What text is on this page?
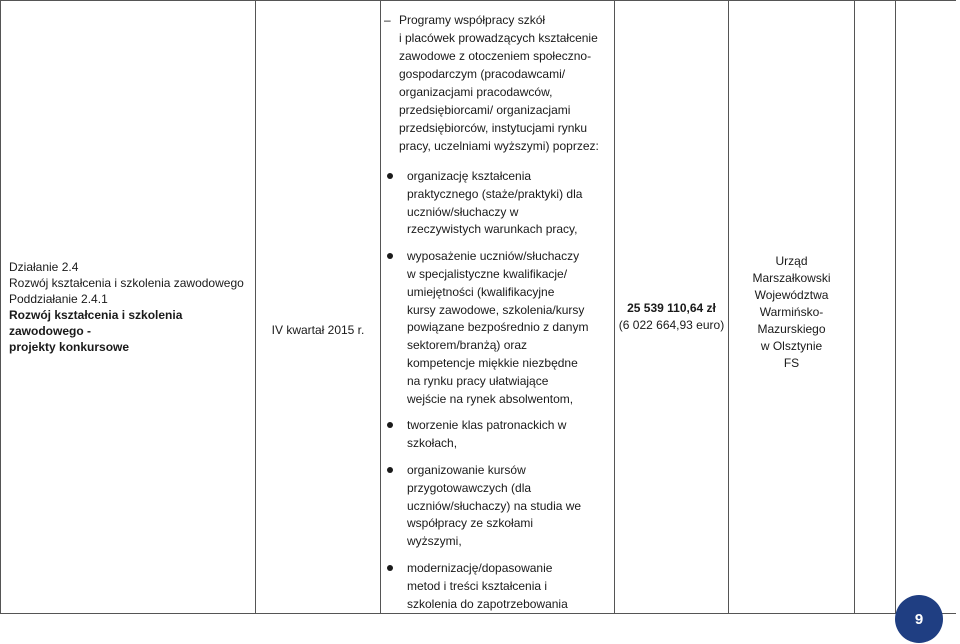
Działanie 2.4
Rozwój kształcenia i szkolenia zawodowego
Poddziałanie 2.4.1
Rozwój kształcenia i szkolenia zawodowego -
projekty konkursowe

IV kwartał 2015 r.

– Programy współpracy szkół
i placówek prowadzących kształcenie
zawodowe z otoczeniem społeczno-
gospodarczym (pracodawcami/
organizacjami pracodawców,
przedsiębiorcami/ organizacjami
przedsiębiorców, instytucjami rynku
pracy, uczelniami wyższymi) poprzez:
organizację kształcenia
praktycznego (staże/praktyki) dla
uczniów/słuchaczy w
rzeczywistych warunkach pracy,
wyposażenie uczniów/słuchaczy
w specjalistyczne kwalifikacje/
umiejętności (kwalifikacyjne
kursy zawodowe, szkolenia/kursy
powiązane bezpośrednio z danym
sektorem/branżą) oraz
kompetencje miękkie niezbędne
na rynku pracy ułatwiające
wejście na rynek absolwentom,
tworzenie klas patronackich w
szkołach,
organizowanie kursów
przygotowawczych (dla
uczniów/słuchaczy) na studia we
współpracy ze szkołami
wyższymi,
modernizację/dopasowanie
metod i treści kształcenia i
szkolenia do zapotrzebowania

25 539 110,64 zł
(6 022 664,93 euro)

Urząd
Marszałkowski
Województwa
Warmińsko-
Mazurskiego
w Olsztynie
FS

9
